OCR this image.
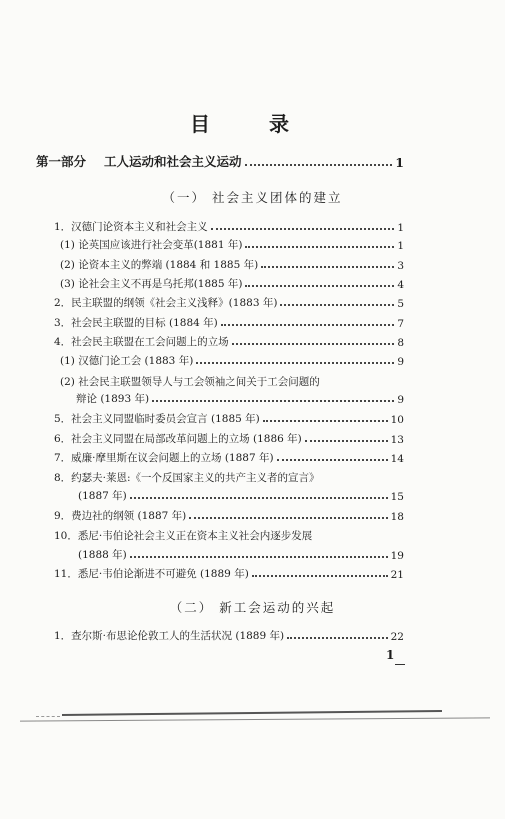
目 录
第一部分 工人运动和社会主义运动	1
（一） 社会主义团体的建立
1．汉德门论资本主义和社会主义	1
(1) 论英国应该进行社会变革(1881 年)	1
(2) 论资本主义的弊端 (1884 和 1885 年)	3
(3) 论社会主义不再是乌托邦(1885 年)	4
2．民主联盟的纲领《社会主义浅释》(1883 年)	5
3．社会民主联盟的目标 (1884 年)	7
4．社会民主联盟在工会问题上的立场	8
(1) 汉德门论工会 (1883 年)	9
(2) 社会民主联盟领导人与工会领袖之间关于工会问题的
辩论 (1893 年)	9
5．社会主义同盟临时委员会宣言 (1885 年)	10
6．社会主义同盟在局部改革问题上的立场 (1886 年)	13
7．威廉·摩里斯在议会问题上的立场 (1887 年)	14
8．约瑟夫·莱恩:《一个反国家主义的共产主义者的宣言》
(1887 年)	15
9．费边社的纲领 (1887 年)	18
10．悉尼·韦伯论社会主义正在资本主义社会内逐步发展
(1888 年)	19
11．悉尼·韦伯论渐进不可避免 (1889 年)	21
（二） 新工会运动的兴起
1．查尔斯·布思论伦敦工人的生活状况 (1889 年)	22
1
